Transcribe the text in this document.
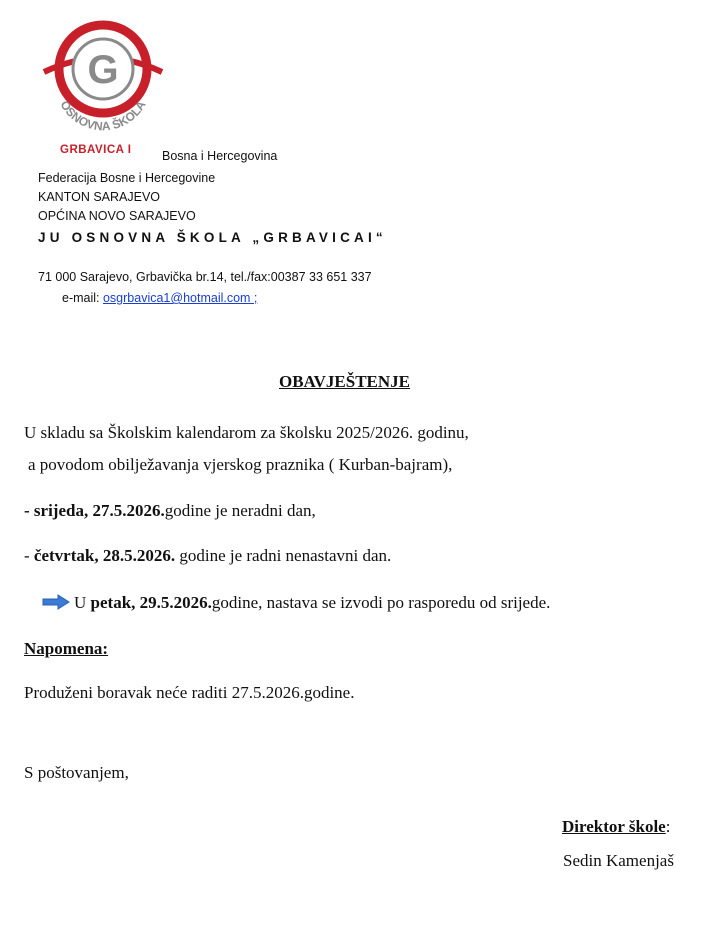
G
OSNOVNA ŠKOLA
GRBAVICA I Bosna i Hercegovina
Federacija Bosne i Hercegovine
KANTON SARAJEVO
OPĆINA NOVO SARAJEVO
JU OSNOVNA ŠKOLA „GRBAVICAI“
71 000 Sarajevo, Grbavička br.14, tel./fax:00387 33 651 337
e-mail: osgrbavica1@hotmail.com ;
OBAVJEŠTENJE
U skladu sa Školskim kalendarom za školsku 2025/2026. godinu,
a povodom obilježavanja vjerskog praznika ( Kurban-bajram),
- srijeda, 27.5.2026.godine je neradni dan,
- četvrtak, 28.5.2026. godine je radni nenastavni dan.
U petak, 29.5.2026.godine, nastava se izvodi po rasporedu od srijede.
Napomena:
Produženi boravak neće raditi 27.5.2026.godine.
S poštovanjem,
Direktor škole:
Sedin Kamenjaš
